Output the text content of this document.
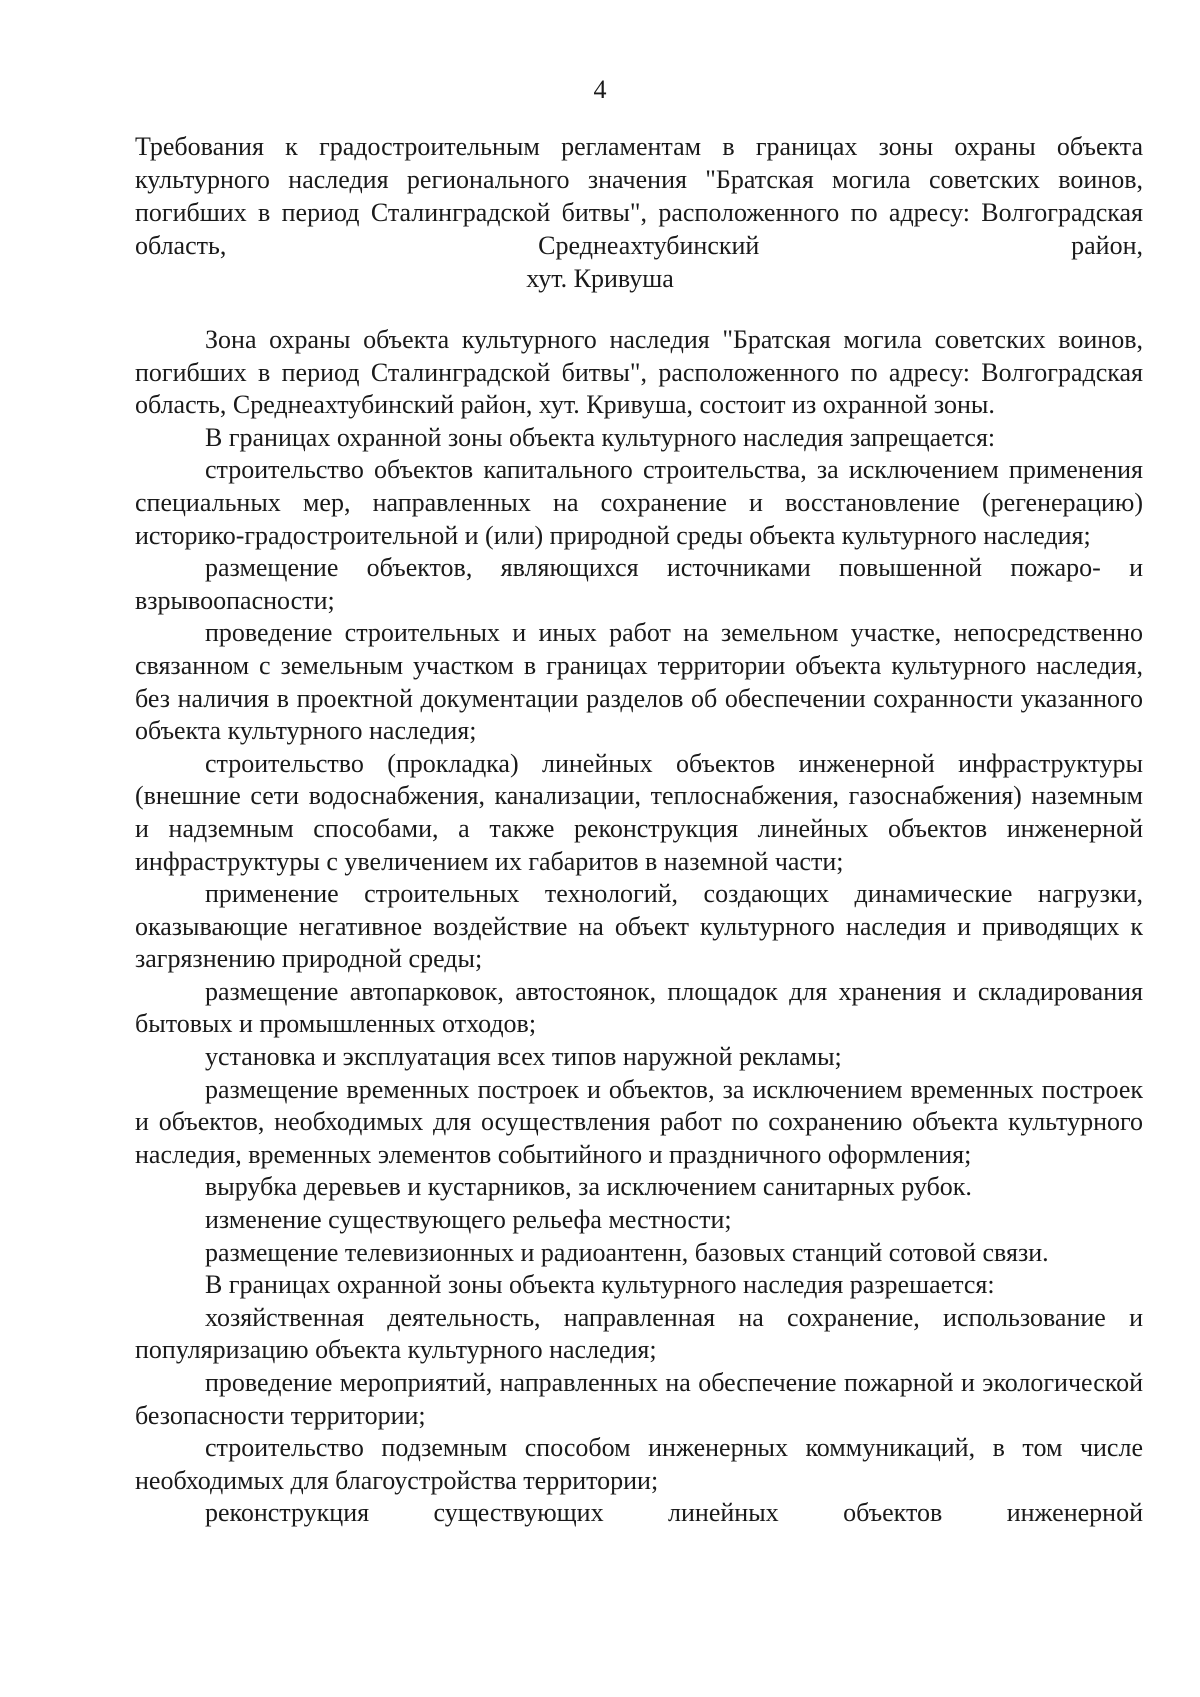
4
Требования к градостроительным регламентам в границах зоны охраны объекта культурного наследия регионального значения "Братская могила советских воинов, погибших в период Сталинградской битвы", расположенного по адресу: Волгоградская область, Среднеахтубинский район,
хут. Кривуша

Зона охраны объекта культурного наследия "Братская могила советских воинов, погибших в период Сталинградской битвы", расположенного по адресу: Волгоградская область, Среднеахтубинский район, хут. Кривуша, состоит из охранной зоны.

В границах охранной зоны объекта культурного наследия запрещается:

строительство объектов капитального строительства, за исключением применения специальных мер, направленных на сохранение и восстановление (регенерацию) историко-градостроительной и (или) природной среды объекта культурного наследия;

размещение объектов, являющихся источниками повышенной пожаро- и взрывоопасности;

проведение строительных и иных работ на земельном участке, непосредственно связанном с земельным участком в границах территории объекта культурного наследия, без наличия в проектной документации разделов об обеспечении сохранности указанного объекта культурного наследия;

строительство (прокладка) линейных объектов инженерной инфраструктуры (внешние сети водоснабжения, канализации, теплоснабжения, газоснабжения) наземным и надземным способами, а также реконструкция линейных объектов инженерной инфраструктуры с увеличением их габаритов в наземной части;

применение строительных технологий, создающих динамические нагрузки, оказывающие негативное воздействие на объект культурного наследия и приводящих к загрязнению природной среды;

размещение автопарковок, автостоянок, площадок для хранения и складирования бытовых и промышленных отходов;

установка и эксплуатация всех типов наружной рекламы;

размещение временных построек и объектов, за исключением временных построек и объектов, необходимых для осуществления работ по сохранению объекта культурного наследия, временных элементов событийного и праздничного оформления;

вырубка деревьев и кустарников, за исключением санитарных рубок.

изменение существующего рельефа местности;

размещение телевизионных и радиоантенн, базовых станций сотовой связи.

В границах охранной зоны объекта культурного наследия разрешается:

хозяйственная деятельность, направленная на сохранение, использование и популяризацию объекта культурного наследия;

проведение мероприятий, направленных на обеспечение пожарной и экологической безопасности территории;

строительство подземным способом инженерных коммуникаций, в том числе необходимых для благоустройства территории;

реконструкция существующих линейных объектов инженерной
